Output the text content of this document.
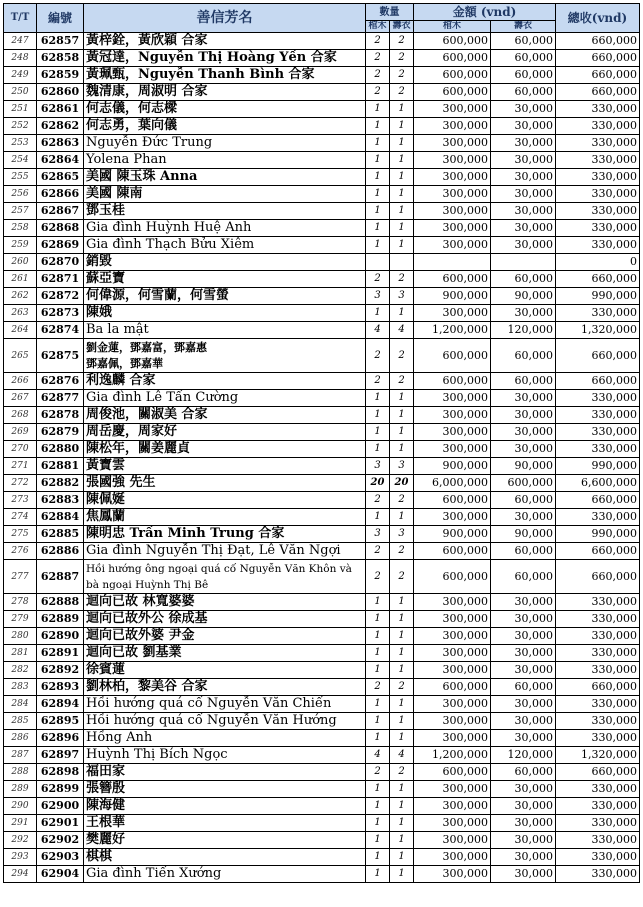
T/T	編號	善信芳名	數量		金額 (vnd)		總收(vnd)
			棺木	壽衣	棺木	壽衣	
247	62857	黃梓銓，黃欣穎 合家	2	2	600,000	60,000	660,000
248	62858	黃冠達，Nguyễn Thị Hoàng Yến 合家	2	2	600,000	60,000	660,000
249	62859	黃珮甄，Nguyễn Thanh Bình 合家	2	2	600,000	60,000	660,000
250	62860	魏清康，周淑明 合家	2	2	600,000	60,000	660,000
251	62861	何志儀，何志樑	1	1	300,000	30,000	330,000
252	62862	何志勇，葉向儀	1	1	300,000	30,000	330,000
253	62863	Nguyễn Đức Trung	1	1	300,000	30,000	330,000
254	62864	Yolena Phan	1	1	300,000	30,000	330,000
255	62865	美國 陳玉珠 Anna	1	1	300,000	30,000	330,000
256	62866	美國 陳南	1	1	300,000	30,000	330,000
257	62867	鄧玉桂	1	1	300,000	30,000	330,000
258	62868	Gia đình Huỳnh Huệ Anh	1	1	300,000	30,000	330,000
259	62869	Gia đình Thạch Bửu Xiêm	1	1	300,000	30,000	330,000
260	62870	銷毀					0
261	62871	蘇亞寶	2	2	600,000	60,000	660,000
262	62872	何偉源，何雪蘭，何雪螢	3	3	900,000	90,000	990,000
263	62873	陳娥	1	1	300,000	30,000	330,000
264	62874	Ba la mật	4	4	1,200,000	120,000	1,320,000
265	62875	劉金蓮，鄧嘉富，鄧嘉惠
鄧嘉佩，鄧嘉華	2	2	600,000	60,000	660,000
266	62876	利逸麟 合家	2	2	600,000	60,000	660,000
267	62877	Gia đình Lê Tấn Cường	1	1	300,000	30,000	330,000
268	62878	周俊池，關淑美 合家	1	1	300,000	30,000	330,000
269	62879	周岳慶，周家好	1	1	300,000	30,000	330,000
270	62880	陳松年，關姜麗貞	1	1	300,000	30,000	330,000
271	62881	黃寶雲	3	3	900,000	90,000	990,000
272	62882	張國強 先生	20	20	6,000,000	600,000	6,600,000
273	62883	陳佩娫	2	2	600,000	60,000	660,000
274	62884	焦鳳蘭	1	1	300,000	30,000	330,000
275	62885	陳明忠 Trần Minh Trung 合家	3	3	900,000	90,000	990,000
276	62886	Gia đình Nguyễn Thị Đạt, Lê Văn Ngợi	2	2	600,000	60,000	660,000
277	62887	Hồi hướng ông ngoại quá cố Nguyễn Văn Khôn và
bà ngoại Huỳnh Thị Bê	2	2	600,000	60,000	660,000
278	62888	迴向已故 林寬婆婆	1	1	300,000	30,000	330,000
279	62889	迴向已故外公 徐成基	1	1	300,000	30,000	330,000
280	62890	迴向已故外婆 尹金	1	1	300,000	30,000	330,000
281	62891	迴向已故 劉基業	1	1	300,000	30,000	330,000
282	62892	徐賓蓮	1	1	300,000	30,000	330,000
283	62893	劉林柏，黎美谷 合家	2	2	600,000	60,000	660,000
284	62894	Hồi hướng quá cố Nguyễn Văn Chiến	1	1	300,000	30,000	330,000
285	62895	Hồi hướng quá cố Nguyễn Văn Hướng	1	1	300,000	30,000	330,000
286	62896	Hồng Anh	1	1	300,000	30,000	330,000
287	62897	Huỳnh Thị Bích Ngọc	4	4	1,200,000	120,000	1,320,000
288	62898	福田家	2	2	600,000	60,000	660,000
289	62899	張簪殷	1	1	300,000	30,000	330,000
290	62900	陳海健	1	1	300,000	30,000	330,000
291	62901	王根華	1	1	300,000	30,000	330,000
292	62902	樊麗好	1	1	300,000	30,000	330,000
293	62903	棋棋	1	1	300,000	30,000	330,000
294	62904	Gia đình Tiến Xướng	1	1	300,000	30,000	330,000
